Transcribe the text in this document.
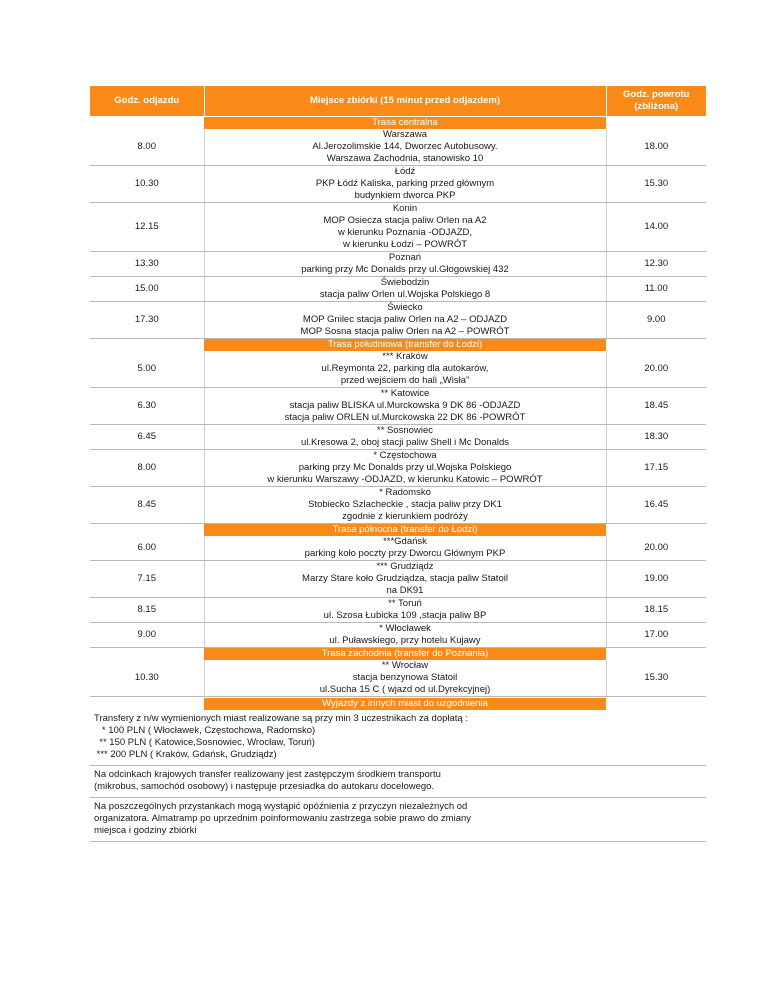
Godz. odjazdu	Miejsce zbiórki (15 minut przed odjazdem)	Godz. powrotu
(zbliżona)

	Trasa centralna	
8.00	Warszawa
Al.Jerozolimskie 144, Dworzec Autobusowy.
Warszawa Zachodnia, stanowisko 10	18.00
10.30	Łódź
PKP Łódź Kaliska, parking przed głównym
budynkiem dworca PKP	15.30
12.15	Konin
MOP Osiecza stacja paliw Orlen na A2
w kierunku Poznania -ODJAZD,
w kierunku Łodzi – POWRÓT	14.00
13.30	Poznań
parking przy Mc Donalds przy ul.Głogowskiej 432	12.30
15.00	Świebodzin
stacja paliw Orlen ul.Wojska Polskiego 8	11.00
17.30	Świecko
MOP Gnilec stacja paliw Orlen na A2 – ODJAZD
MOP Sosna stacja paliw Orlen na A2 – POWRÓT	9.00
	Trasa południowa (transfer do Łodzi)	
5.00	*** Kraków
ul.Reymonta 22, parking dla autokarów,
przed wejściem do hali „Wisła”	20.00
6.30	** Katowice
stacja paliw BLISKA ul.Murckowska 9 DK 86 -ODJAZD
stacja paliw ORLEN ul.Murckowska 22 DK 86 -POWRÓT	18.45
6.45	** Sosnowiec
ul.Kresowa 2, oboj stacji paliw Shell i Mc Donalds	18.30
8.00	* Częstochowa
parking przy Mc Donalds przy ul.Wojska Polskiego
w kierunku Warszawy -ODJAZD, w kierunku Katowic – POWRÓT	17.15
8.45	* Radomsko
Stobiecko Szlacheckie , stacja paliw przy DK1
zgodnie z kierunkiem podróży	16.45
	Trasa północna (transfer do Łodzi)	
6.00	***Gdańsk
parking koło poczty przy Dworcu Głównym PKP	20.00
7.15	*** Grudziądz
Marzy Stare koło Grudziądza, stacja paliw Statoil
na DK91	19.00
8.15	** Toruń
ul. Szosa Łubicka 109 ,stacja paliw BP	18.15
9.00	* Włocławek
ul. Puławskiego, przy hotelu Kujawy	17.00
	Trasa zachodnia (transfer do Poznania)	
10.30	** Wrocław
stacja benzynowa Statoil
ul.Sucha 15 C ( wjazd od ul.Dyrekcyjnej)	15.30
	Wyjazdy z innych miast do uzgodnienia	
Transfery z n/w wymienionych miast realizowane są przy min 3 uczestnikach za dopłatą :
* 100 PLN ( Włocławek, Częstochowa, Radomsko)
** 150 PLN ( Katowice,Sosnowiec, Wrocław, Toruń)
*** 200 PLN ( Kraków, Gdańsk, Grudziądz)
Na odcinkach krajowych transfer realizowany jest zastępczym środkiem transportu
(mikrobus, samochód osobowy) i następuje przesiadka do autokaru docelowego.
Na poszczególnych przystankach mogą wystąpić opóźnienia z przyczyn niezależnych od
organizatora. Almatramp po uprzednim poinformowaniu zastrzega sobie prawo do zmiany
miejsca i godziny zbiórki
